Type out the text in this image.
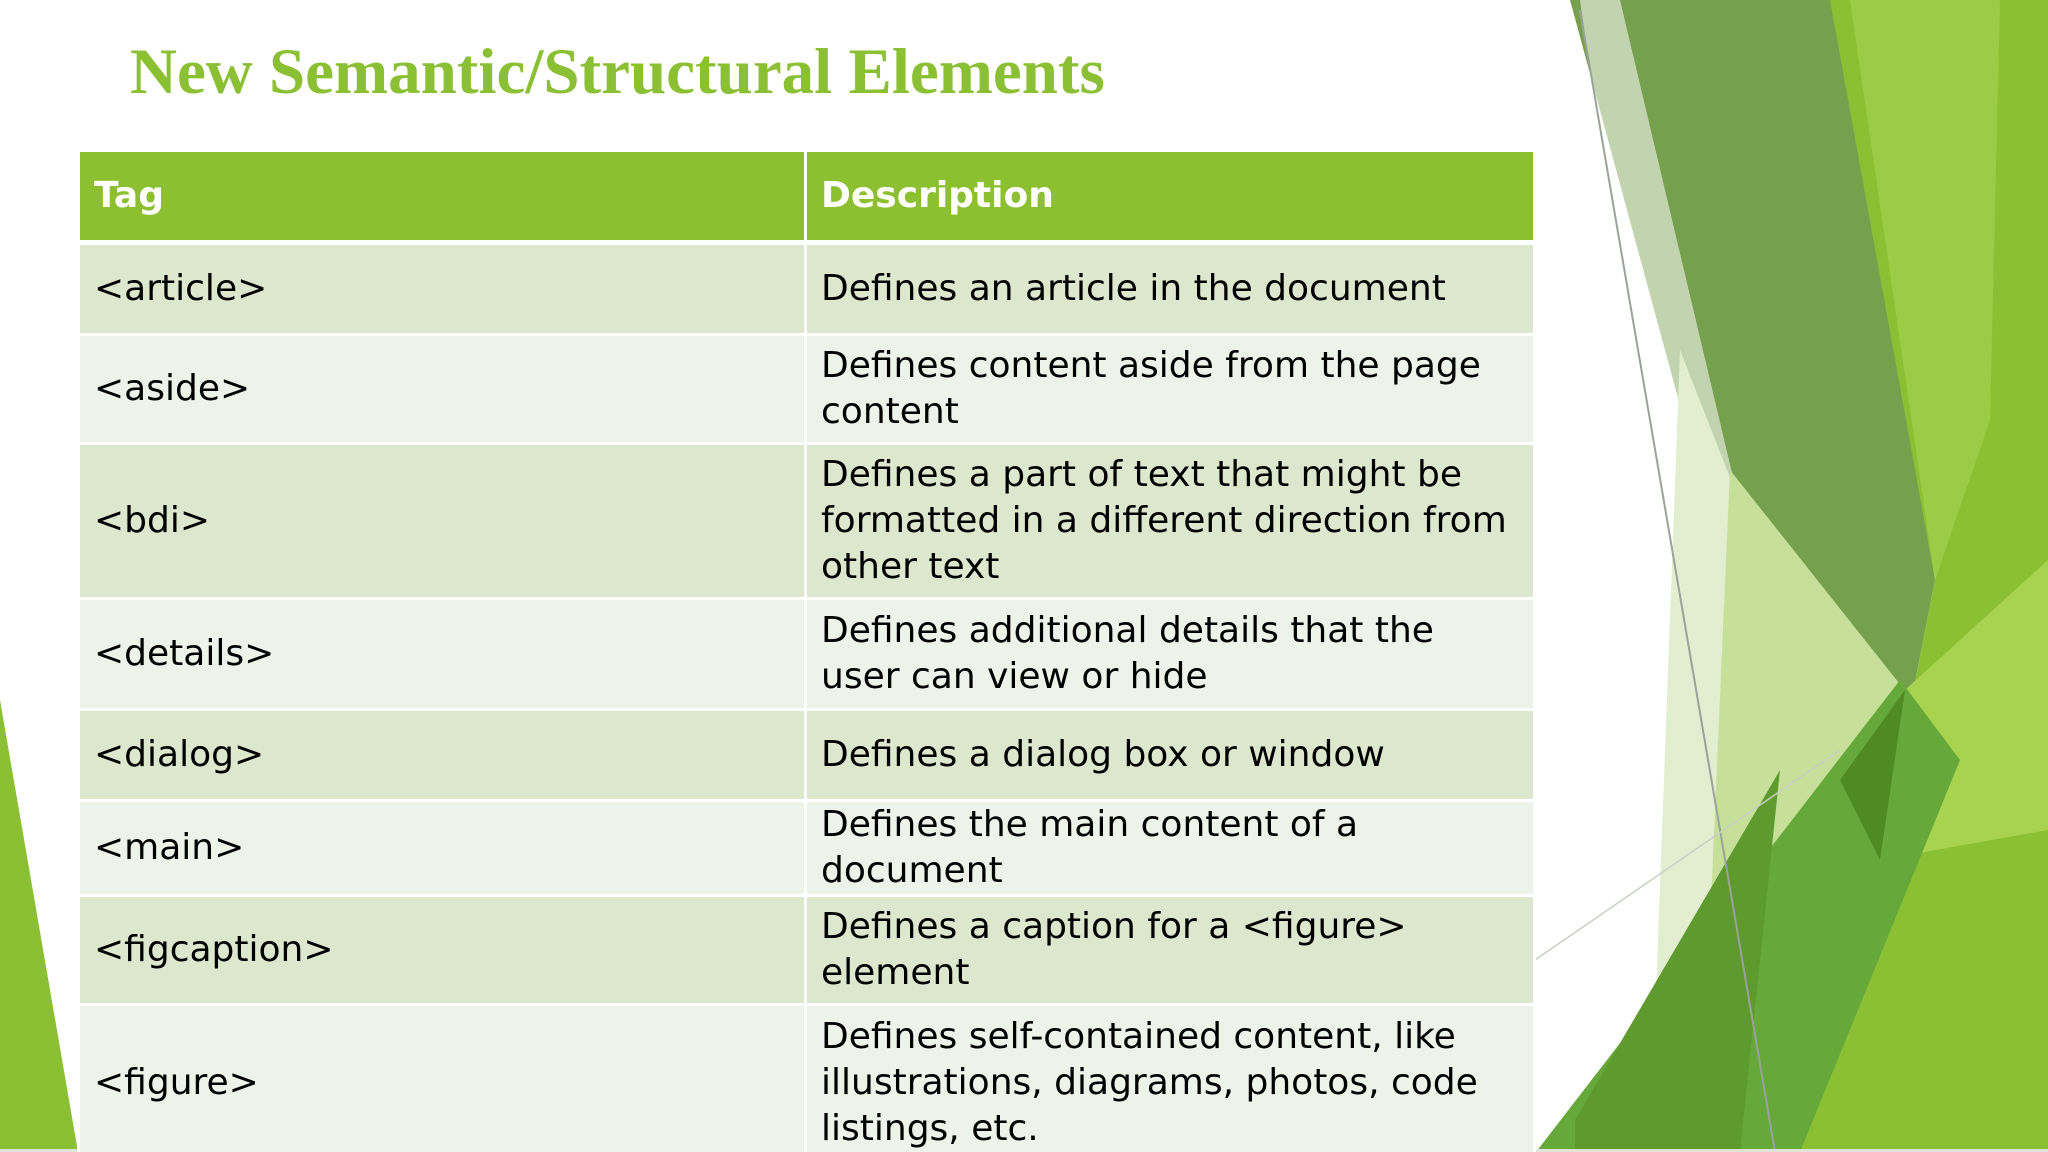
New Semantic/Structural Elements
Tag	Description
<article>	Defines an article in the document
<aside>	Defines content aside from the page content
<bdi>	Defines a part of text that might be formatted in a different direction from other text
<details>	Defines additional details that the user can view or hide
<dialog>	Defines a dialog box or window
<main>	Defines the main content of a document
<figcaption>	Defines a caption for a <figure> element
<figure>	Defines self-contained content, like illustrations, diagrams, photos, code listings, etc.
